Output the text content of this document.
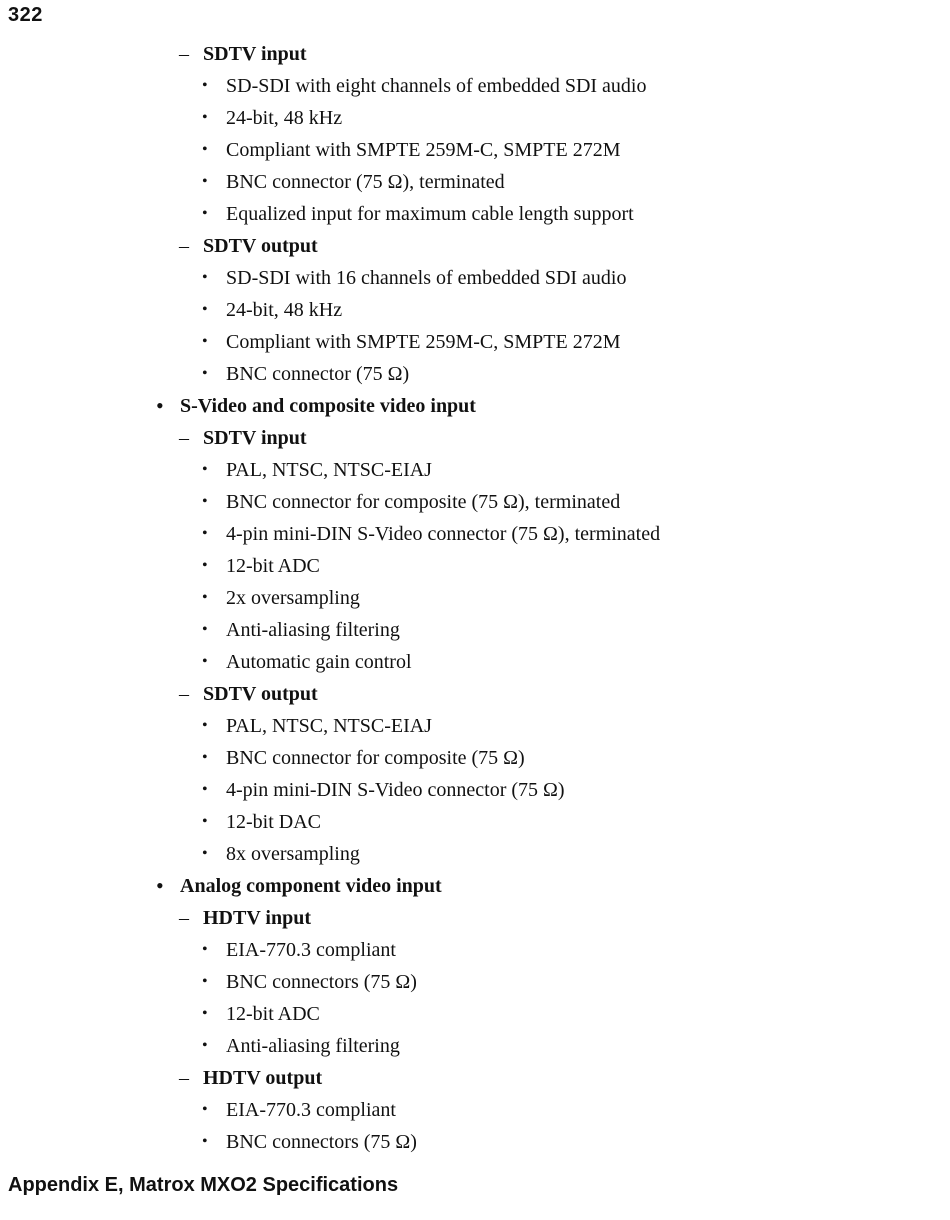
322
– SDTV input
• SD-SDI with eight channels of embedded SDI audio
• 24-bit, 48 kHz
• Compliant with SMPTE 259M-C, SMPTE 272M
• BNC connector (75 Ω), terminated
• Equalized input for maximum cable length support
– SDTV output
• SD-SDI with 16 channels of embedded SDI audio
• 24-bit, 48 kHz
• Compliant with SMPTE 259M-C, SMPTE 272M
• BNC connector (75 Ω)
• S-Video and composite video input
– SDTV input
• PAL, NTSC, NTSC-EIAJ
• BNC connector for composite (75 Ω), terminated
• 4-pin mini-DIN S-Video connector (75 Ω), terminated
• 12-bit ADC
• 2x oversampling
• Anti-aliasing filtering
• Automatic gain control
– SDTV output
• PAL, NTSC, NTSC-EIAJ
• BNC connector for composite (75 Ω)
• 4-pin mini-DIN S-Video connector (75 Ω)
• 12-bit DAC
• 8x oversampling
• Analog component video input
– HDTV input
• EIA-770.3 compliant
• BNC connectors (75 Ω)
• 12-bit ADC
• Anti-aliasing filtering
– HDTV output
• EIA-770.3 compliant
• BNC connectors (75 Ω)
Appendix E, Matrox MXO2 Specifications
